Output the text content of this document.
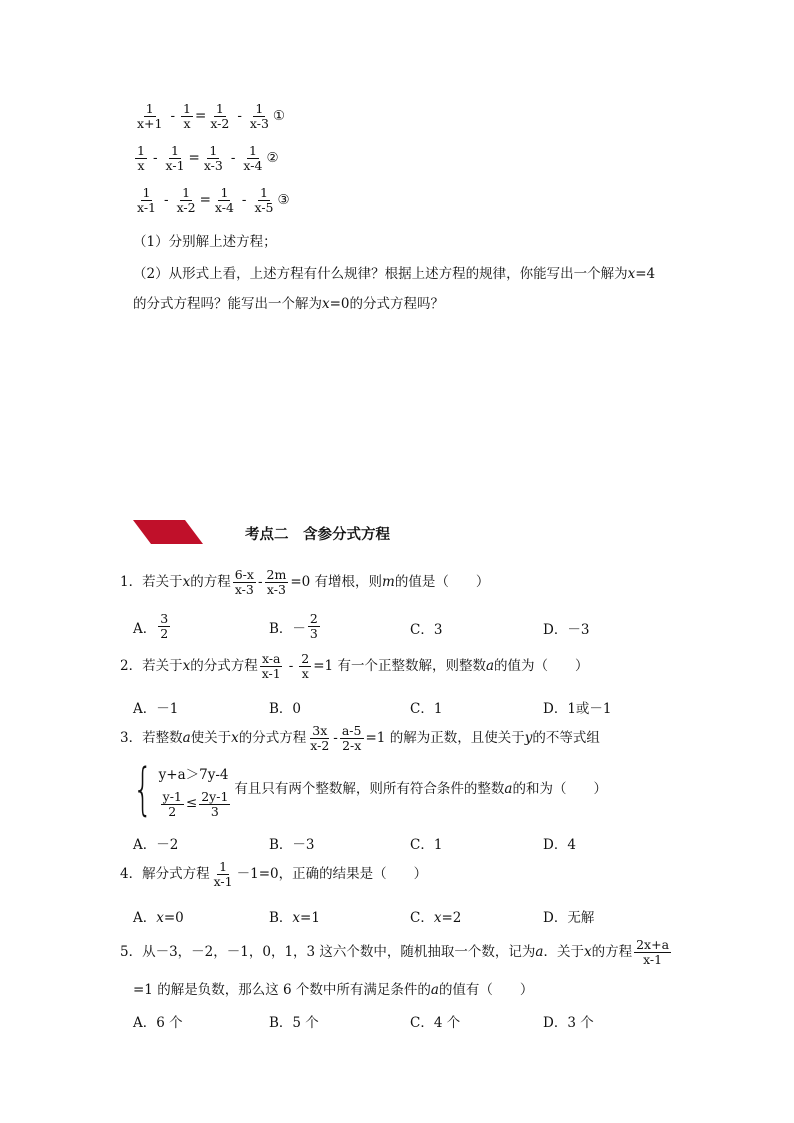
1
$x+1 - \frac{1}{x} = \frac{1}{x-2} - 1$
x-3 ①
1
$x - \frac{1}{x-1} = \frac{1}{x-3} - 1$
x-4 ②
1
$x-1 - \frac{1}{x-2} = \frac{1}{x-4} - 1$
x-5 ③
（1）分别解上述方程；
（2）从形式上看，上述方程有什么规律？根据上述方程的规律，你能写出一个解为x=4
的分式方程吗？能写出一个解为x=0的分式方程吗？
考点二　含参分式方程
1． 若关于 x 的方程 6-x
$x-3 - \frac{2m}{x-3} =0$ 有增根，则 m 的值是（　　）
A．
3
2	B．－
2
3	C．3	D．－3
2． 若关于 x 的分式方程 x-a
$x-1 - \frac{2}{x} =1$ 有一个正整数解，则整数 a 的值为（　　）
A．－1	B．0	C．1	D．1或－1
3． 若整数 a 使关于 x 的分式方程 3x
$x-2 - \frac{a-5}{2-x} =1$ 的解为正数，且使关于 y 的不等式组
{ y+a＞7y-4
$\frac{y-1}{2} \le \frac{2y-1}{3}$
有且只有两个整数解，则所有符合条件的整数 a 的和为（　　）
A．－2	B．－3	C．1	D．4
4． 解分式方程 1
x-1 －1=0，正确的结果是（　　）
A．x=0	B．x=1	C．x=2	D．无解
5． 从－3，－2，－1，0，1，3 这六个数中，随机抽取一个数，记为 a ．关于 x 的方程 2x+a
x-1
=1 的解是负数，那么这 6 个数中所有满足条件的a的值有（　　）
A．6 个	B．5 个	C．4 个	D．3 个
